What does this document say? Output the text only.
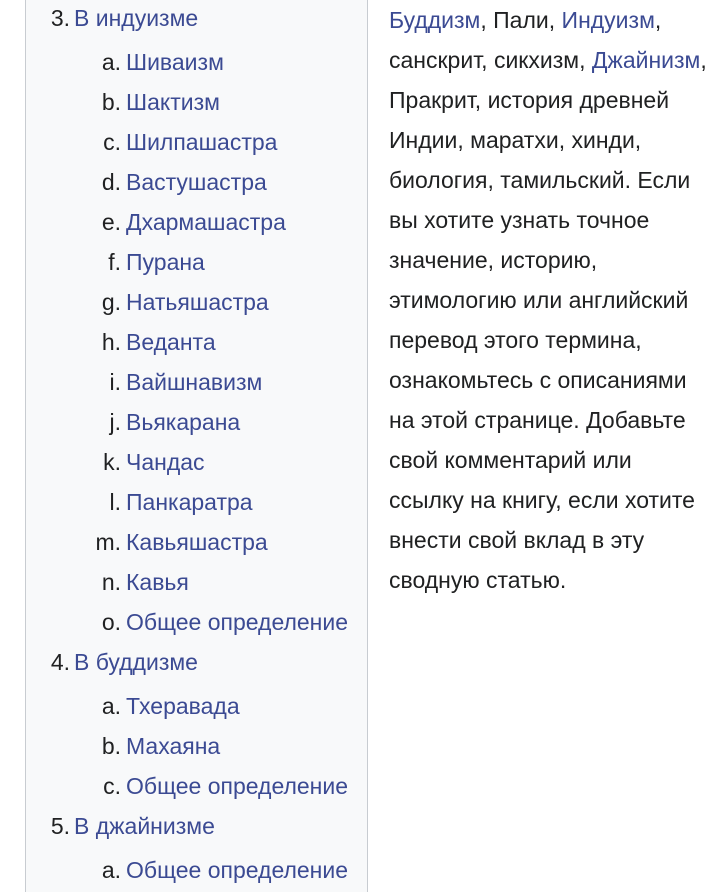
3. В индуизме
a. Шиваизм
b. Шактизм
c. Шилпашастра
d. Вастушастра
e. Дхармашастра
f. Пурана
g. Натьяшастра
h. Веданта
i. Вайшнавизм
j. Вьякарана
k. Чандас
l. Панкаратра
m. Кавьяшастра
n. Кавья
o. Общее определение
4. В буддизме
a. Тхеравада
b. Махаяна
c. Общее определение
5. В джайнизме
a. Общее определение

Буддизм, Пали, Индуизм, санскрит, сикхизм, Джайнизм, Пракрит, история древней Индии, маратхи, хинди, биология, тамильский. Если вы хотите узнать точное значение, историю, этимологию или английский перевод этого термина, ознакомьтесь с описаниями на этой странице. Добавьте свой комментарий или ссылку на книгу, если хотите внести свой вклад в эту сводную статью.
